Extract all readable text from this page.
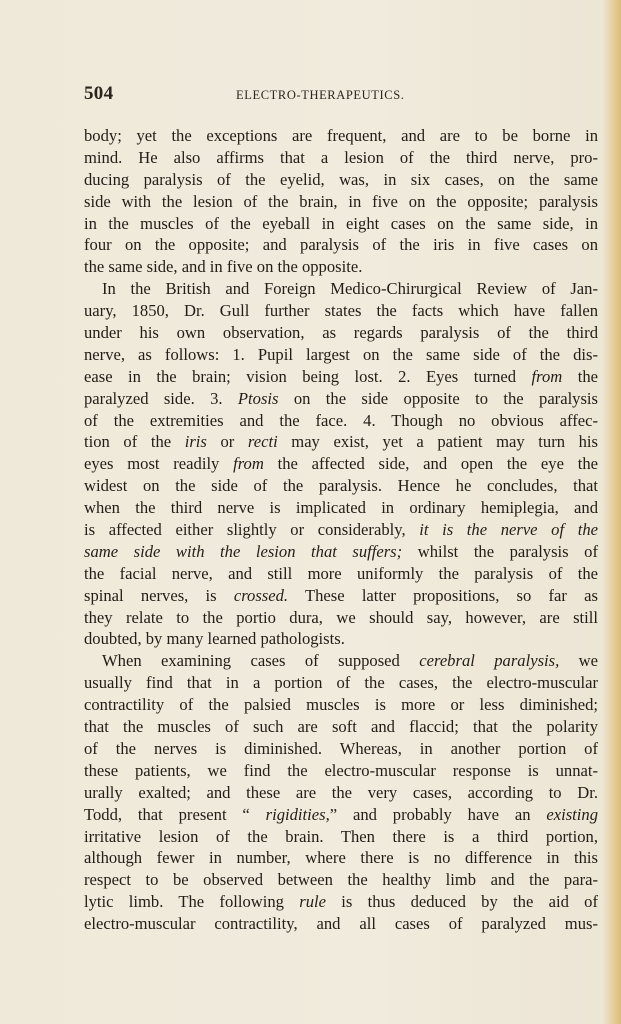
504	ELECTRO-THERAPEUTICS.
body; yet the exceptions are frequent, and are to be borne in
mind. He also affirms that a lesion of the third nerve, pro-
ducing paralysis of the eyelid, was, in six cases, on the same
side with the lesion of the brain, in five on the opposite; paralysis
in the muscles of the eyeball in eight cases on the same side, in
four on the opposite; and paralysis of the iris in five cases on
the same side, and in five on the opposite.
In the British and Foreign Medico-Chirurgical Review of Jan-
uary, 1850, Dr. Gull further states the facts which have fallen
under his own observation, as regards paralysis of the third
nerve, as follows: 1. Pupil largest on the same side of the dis-
ease in the brain; vision being lost. 2. Eyes turned from the
paralyzed side. 3. Ptosis on the side opposite to the paralysis
of the extremities and the face. 4. Though no obvious affec-
tion of the iris or recti may exist, yet a patient may turn his
eyes most readily from the affected side, and open the eye the
widest on the side of the paralysis. Hence he concludes, that
when the third nerve is implicated in ordinary hemiplegia, and
is affected either slightly or considerably, it is the nerve of the
same side with the lesion that suffers; whilst the paralysis of
the facial nerve, and still more uniformly the paralysis of the
spinal nerves, is crossed. These latter propositions, so far as
they relate to the portio dura, we should say, however, are still
doubted, by many learned pathologists.
When examining cases of supposed cerebral paralysis, we
usually find that in a portion of the cases, the electro-muscular
contractility of the palsied muscles is more or less diminished;
that the muscles of such are soft and flaccid; that the polarity
of the nerves is diminished. Whereas, in another portion of
these patients, we find the electro-muscular response is unnat-
urally exalted; and these are the very cases, according to Dr.
Todd, that present “ rigidities,” and probably have an existing
irritative lesion of the brain. Then there is a third portion,
although fewer in number, where there is no difference in this
respect to be observed between the healthy limb and the para-
lytic limb. The following rule is thus deduced by the aid of
electro-muscular contractility, and all cases of paralyzed mus-
